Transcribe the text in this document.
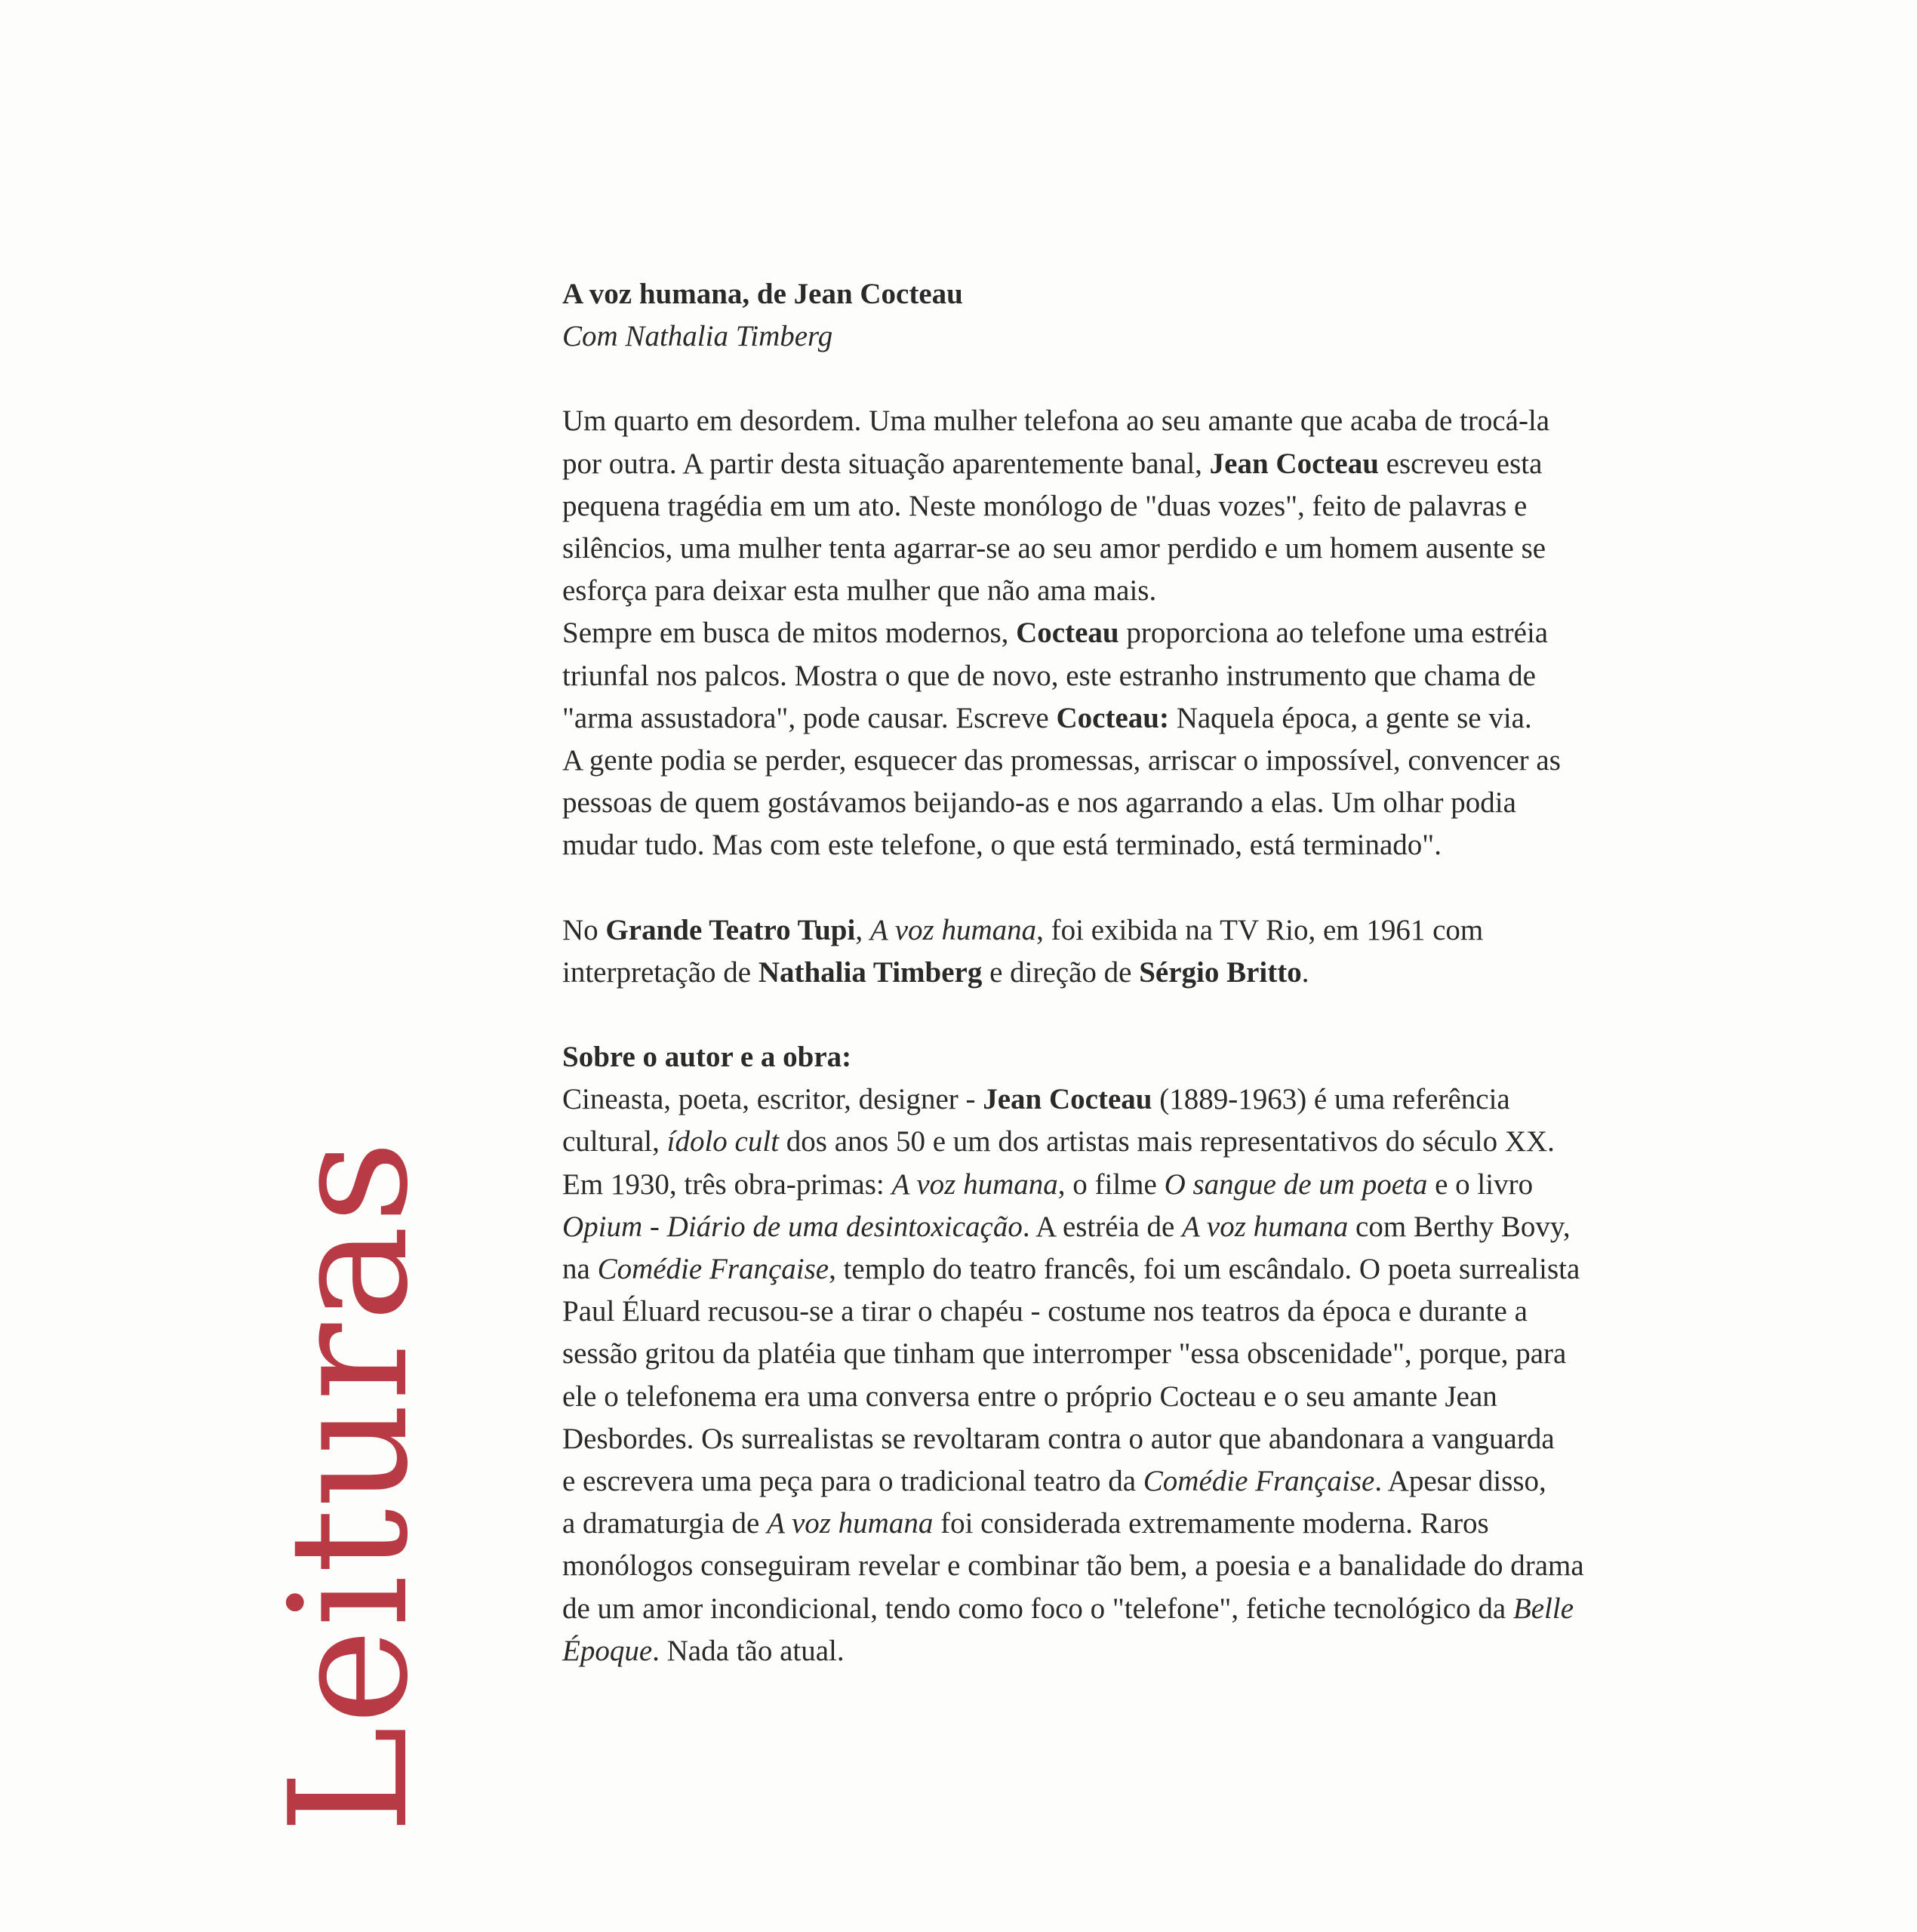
Leituras
A voz humana, de Jean Cocteau
Com Nathalia Timberg
Um quarto em desordem. Uma mulher telefona ao seu amante que acaba de trocá-la
por outra. A partir desta situação aparentemente banal, Jean Cocteau escreveu esta
pequena tragédia em um ato. Neste monólogo de "duas vozes", feito de palavras e
silêncios, uma mulher tenta agarrar-se ao seu amor perdido e um homem ausente se
esforça para deixar esta mulher que não ama mais.
Sempre em busca de mitos modernos, Cocteau proporciona ao telefone uma estréia
triunfal nos palcos. Mostra o que de novo, este estranho instrumento que chama de
"arma assustadora", pode causar. Escreve Cocteau: Naquela época, a gente se via.
A gente podia se perder, esquecer das promessas, arriscar o impossível, convencer as
pessoas de quem gostávamos beijando-as e nos agarrando a elas. Um olhar podia
mudar tudo. Mas com este telefone, o que está terminado, está terminado".
No Grande Teatro Tupi, A voz humana, foi exibida na TV Rio, em 1961 com
interpretação de Nathalia Timberg e direção de Sérgio Britto.
Sobre o autor e a obra:
Cineasta, poeta, escritor, designer - Jean Cocteau (1889-1963) é uma referência
cultural, ídolo cult dos anos 50 e um dos artistas mais representativos do século XX.
Em 1930, três obra-primas: A voz humana, o filme O sangue de um poeta e o livro
Opium - Diário de uma desintoxicação. A estréia de A voz humana com Berthy Bovy,
na Comédie Française, templo do teatro francês, foi um escândalo. O poeta surrealista
Paul Éluard recusou-se a tirar o chapéu - costume nos teatros da época e durante a
sessão gritou da platéia que tinham que interromper "essa obscenidade", porque, para
ele o telefonema era uma conversa entre o próprio Cocteau e o seu amante Jean
Desbordes. Os surrealistas se revoltaram contra o autor que abandonara a vanguarda
e escrevera uma peça para o tradicional teatro da Comédie Française. Apesar disso,
a dramaturgia de A voz humana foi considerada extremamente moderna. Raros
monólogos conseguiram revelar e combinar tão bem, a poesia e a banalidade do drama
de um amor incondicional, tendo como foco o "telefone", fetiche tecnológico da Belle
Époque. Nada tão atual.
